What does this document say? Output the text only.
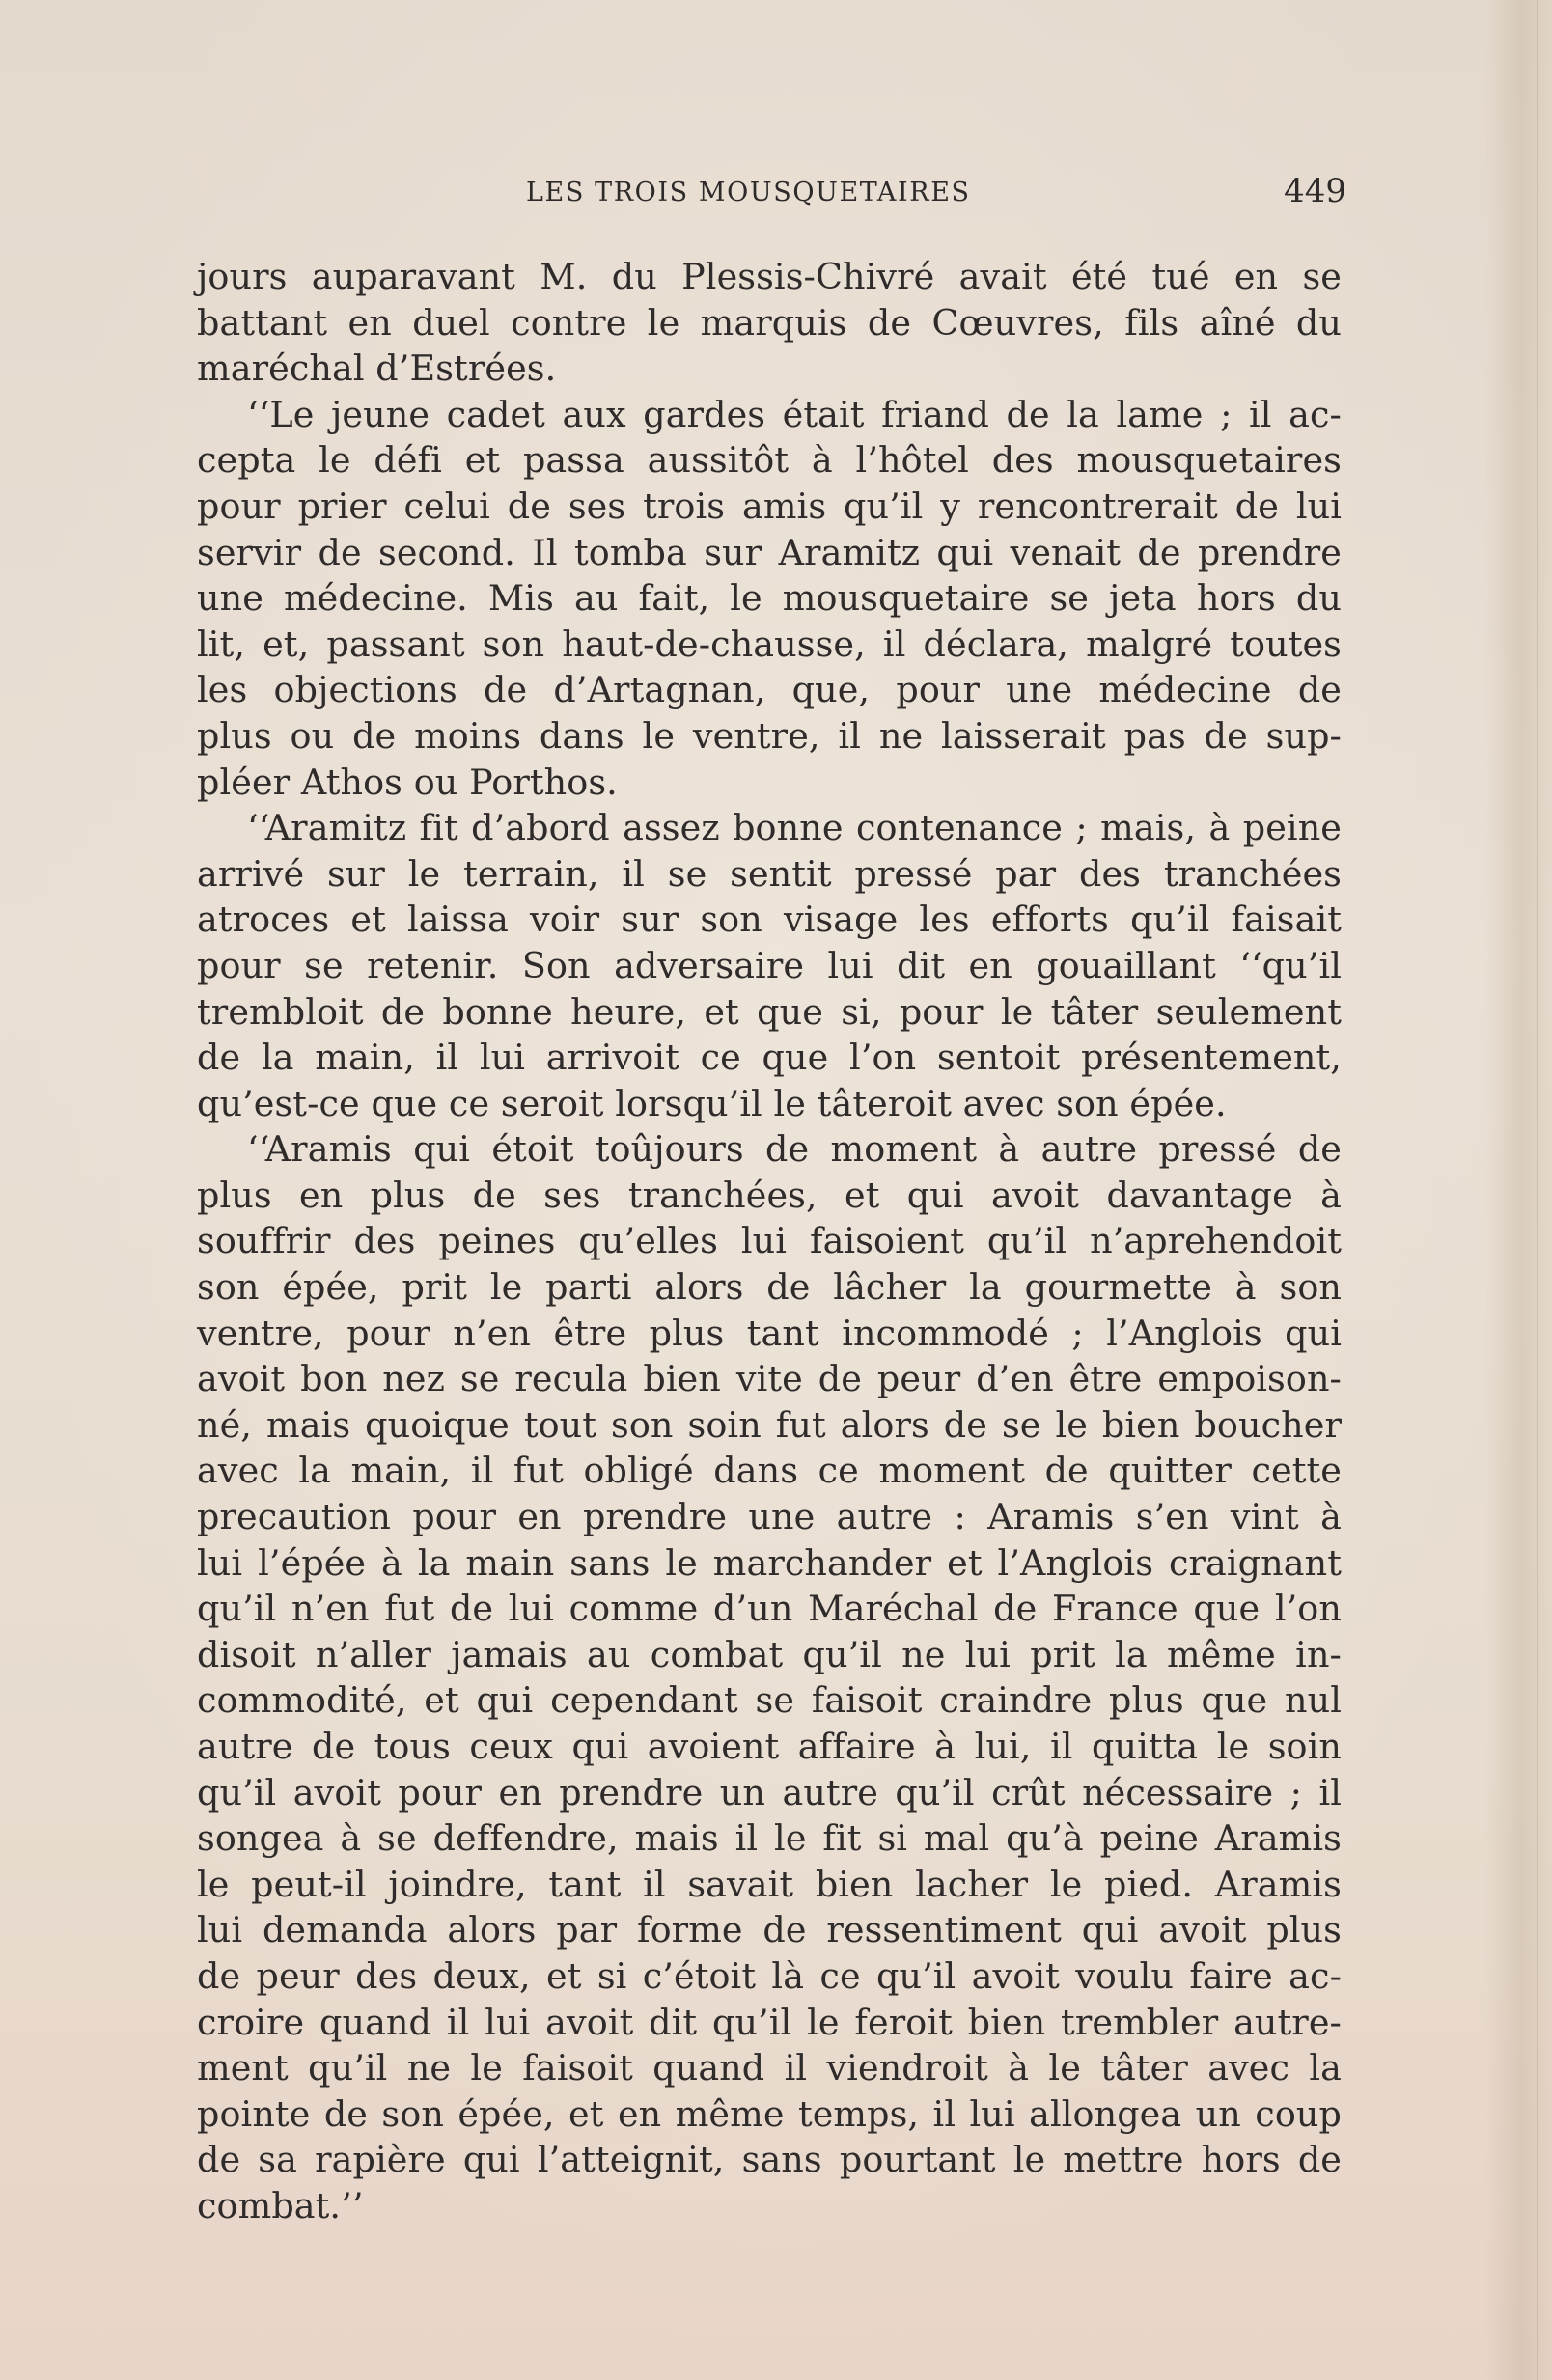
LES TROIS MOUSQUETAIRES	449
jours auparavant M. du Plessis-Chivré avait été tué en se
battant en duel contre le marquis de Cœuvres, fils aîné du
maréchal d’Estrées.
‘‘Le jeune cadet aux gardes était friand de la lame ; il ac-
cepta le défi et passa aussitôt à l’hôtel des mousquetaires
pour prier celui de ses trois amis qu’il y rencontrerait de lui
servir de second. Il tomba sur Aramitz qui venait de prendre
une médecine. Mis au fait, le mousquetaire se jeta hors du
lit, et, passant son haut-de-chausse, il déclara, malgré toutes
les objections de d’Artagnan, que, pour une médecine de
plus ou de moins dans le ventre, il ne laisserait pas de sup-
pléer Athos ou Porthos.
‘‘Aramitz fit d’abord assez bonne contenance ; mais, à peine
arrivé sur le terrain, il se sentit pressé par des tranchées
atroces et laissa voir sur son visage les efforts qu’il faisait
pour se retenir. Son adversaire lui dit en gouaillant ‘‘qu’il
trembloit de bonne heure, et que si, pour le tâter seulement
de la main, il lui arrivoit ce que l’on sentoit présentement,
qu’est-ce que ce seroit lorsqu’il le tâteroit avec son épée.
‘‘Aramis qui étoit toûjours de moment à autre pressé de
plus en plus de ses tranchées, et qui avoit davantage à
souffrir des peines qu’elles lui faisoient qu’il n’aprehendoit
son épée, prit le parti alors de lâcher la gourmette à son
ventre, pour n’en être plus tant incommodé ; l’Anglois qui
avoit bon nez se recula bien vite de peur d’en être empoison-
né, mais quoique tout son soin fut alors de se le bien boucher
avec la main, il fut obligé dans ce moment de quitter cette
precaution pour en prendre une autre : Aramis s’en vint à
lui l’épée à la main sans le marchander et l’Anglois craignant
qu’il n’en fut de lui comme d’un Maréchal de France que l’on
disoit n’aller jamais au combat qu’il ne lui prit la même in-
commodité, et qui cependant se faisoit craindre plus que nul
autre de tous ceux qui avoient affaire à lui, il quitta le soin
qu’il avoit pour en prendre un autre qu’il crût nécessaire ; il
songea à se deffendre, mais il le fit si mal qu’à peine Aramis
le peut-il joindre, tant il savait bien lacher le pied. Aramis
lui demanda alors par forme de ressentiment qui avoit plus
de peur des deux, et si c’étoit là ce qu’il avoit voulu faire ac-
croire quand il lui avoit dit qu’il le feroit bien trembler autre-
ment qu’il ne le faisoit quand il viendroit à le tâter avec la
pointe de son épée, et en même temps, il lui allongea un coup
de sa rapière qui l’atteignit, sans pourtant le mettre hors de
combat.’’
